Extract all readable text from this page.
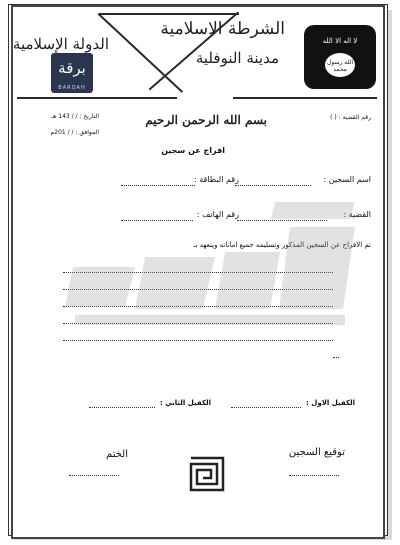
الدولة الإسلامية
برقة
BARQAH
الشرطة الاسلامية
مدينة النوفلية
لا اله الا الله
الله رسول محمد
التاريخ : / / 143 هـ
الموافق : / / 201م
بسم الله الرحمن الرحيم	رقم القضية : ( )
افراج عن سجين
اسم السجين :
رقم البطاقة :
القضية :
رقم الهاتف :
تم الافراج عن السجين المذكور وتسليمه جميع اماناته ويتعهد بـ
الكفيل الاول :
الكفيل الثاني :
توقيع السجين
الختم
